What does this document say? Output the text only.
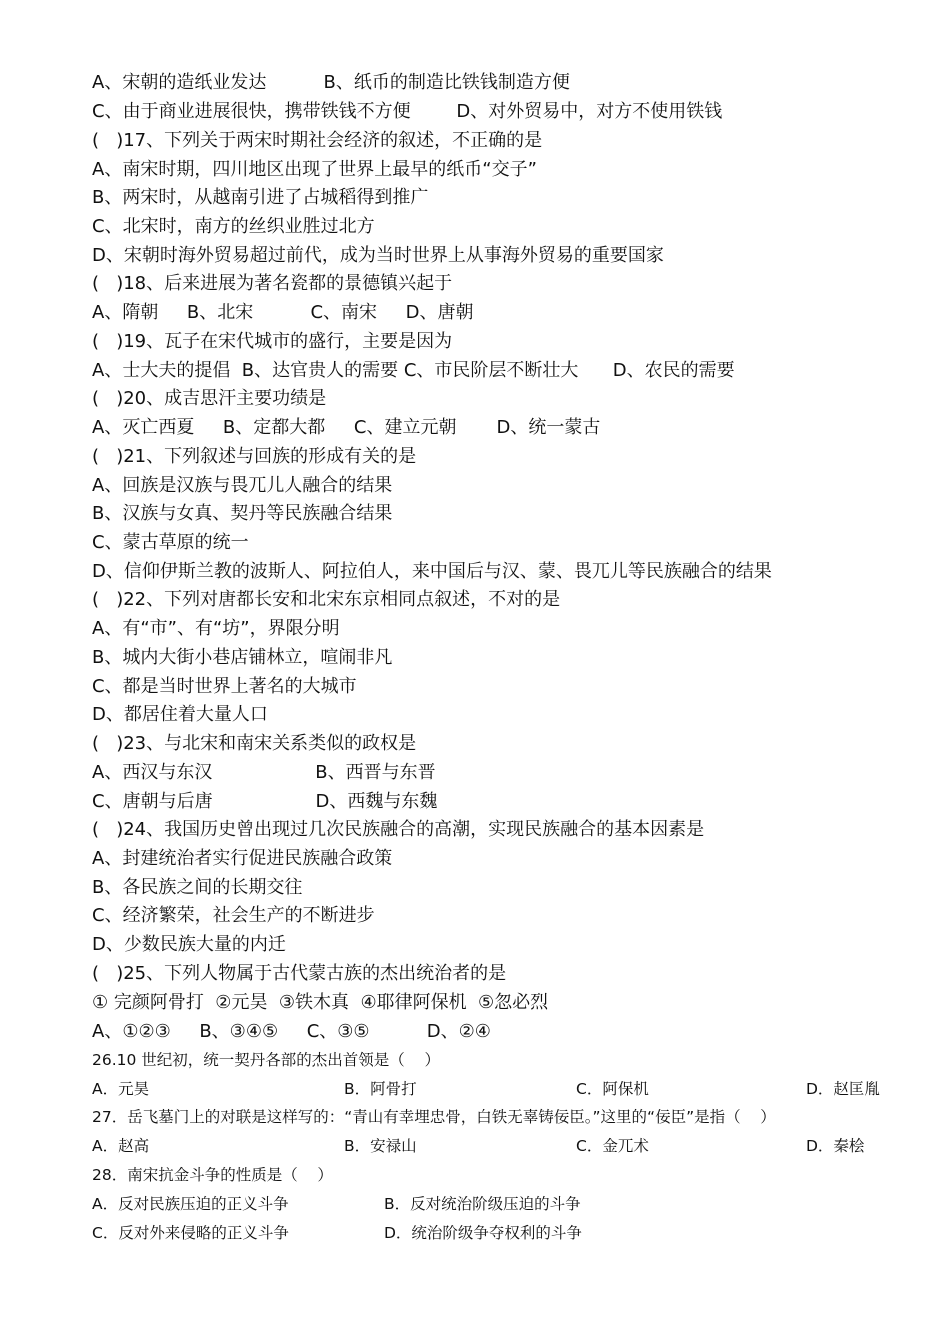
A、宋朝的造纸业发达          B、纸币的制造比铁钱制造方便
C、由于商业进展很快，携带铁钱不方便        D、对外贸易中，对方不使用铁钱
(   )17、下列关于两宋时期社会经济的叙述，不正确的是
A、南宋时期，四川地区出现了世界上最早的纸币“交子”
B、两宋时，从越南引进了占城稻得到推广
C、北宋时，南方的丝织业胜过北方
D、宋朝时海外贸易超过前代，成为当时世界上从事海外贸易的重要国家
(   )18、后来进展为著名瓷都的景德镇兴起于
A、隋朝     B、北宋          C、南宋     D、唐朝
(   )19、瓦子在宋代城市的盛行，主要是因为
A、士大夫的提倡  B、达官贵人的需要 C、市民阶层不断壮大      D、农民的需要
(   )20、成吉思汗主要功绩是
A、灭亡西夏     B、定都大都     C、建立元朝       D、统一蒙古
(   )21、下列叙述与回族的形成有关的是
A、回族是汉族与畏兀儿人融合的结果
B、汉族与女真、契丹等民族融合结果
C、蒙古草原的统一
D、信仰伊斯兰教的波斯人、阿拉伯人，来中国后与汉、蒙、畏兀儿等民族融合的结果
(   )22、下列对唐都长安和北宋东京相同点叙述，不对的是
A、有“市”、有“坊”，界限分明
B、城内大街小巷店铺林立，喧闹非凡
C、都是当时世界上著名的大城市
D、都居住着大量人口
(   )23、与北宋和南宋关系类似的政权是
A、西汉与东汉                  B、西晋与东晋
C、唐朝与后唐                  D、西魏与东魏
(   )24、我国历史曾出现过几次民族融合的高潮，实现民族融合的基本因素是
A、封建统治者实行促进民族融合政策
B、各民族之间的长期交往
C、经济繁荣，社会生产的不断进步
D、少数民族大量的内迁
(   )25、下列人物属于古代蒙古族的杰出统治者的是
① 完颜阿骨打  ②元昊  ③铁木真  ④耶律阿保机  ⑤忽必烈
A、①②③     B、③④⑤     C、③⑤          D、②④
26.10 世纪初，统一契丹各部的杰出首领是（    ）
A．元昊	B．阿骨打	C．阿保机	D．赵匡胤
27．岳飞墓门上的对联是这样写的：“青山有幸埋忠骨，白铁无辜铸佞臣。”这里的“佞臣”是指（    ）
A．赵高	B．安禄山	C．金兀术	D．秦桧
28．南宋抗金斗争的性质是（    ）
A．反对民族压迫的正义斗争	B．反对统治阶级压迫的斗争
C．反对外来侵略的正义斗争	D．统治阶级争夺权利的斗争
